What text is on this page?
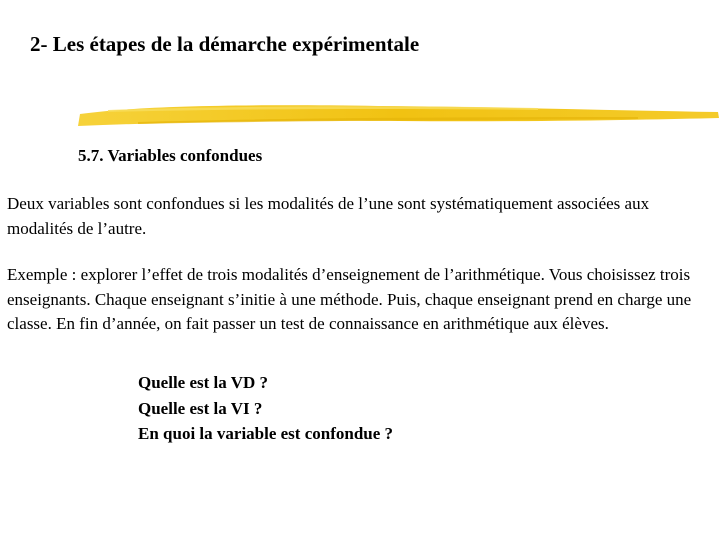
2- Les étapes de la démarche expérimentale
5.7. Variables confondues
Deux variables sont confondues si les modalités de l’une sont systématiquement associées aux modalités de l’autre.
Exemple : explorer l’effet de trois modalités d’enseignement de l’arithmétique. Vous choisissez trois enseignants. Chaque enseignant s’initie à une méthode. Puis, chaque enseignant prend en charge une classe. En fin d’année, on fait passer un test de connaissance en arithmétique aux élèves.
Quelle est la VD ?
Quelle est la VI ?
En quoi la variable est confondue ?
